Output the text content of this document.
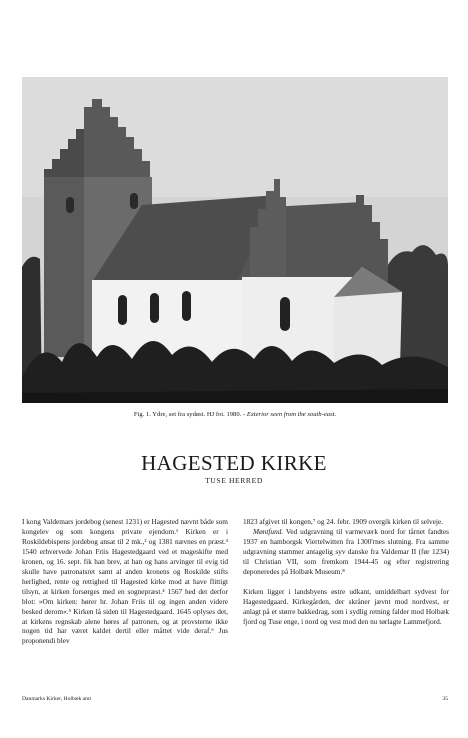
Fig. 1. Ydre, set fra sydøst. HJ fot. 1980. - Exterior seen from the south-east.
HAGESTED KIRKE
TUSE HERRED

I kong Valdemars jordebog (senest 1231) er Hagested nævnt både som kongelev og som kongens private ejendom.¹ Kirken er i Roskildebispens jordebog ansat til 2 mk.,² og 1381 nævnes en præst.³ 1540 erhvervede Johan Friis Hagestedgaard ved et mageskifte med kronen, og 16. sept. fik han brev, at han og hans arvinger til evig tid skulle have patronatsret samt al anden kronens og Roskilde stifts herlighed, rente og rettighed til Hagested kirke mod at have flittigt tilsyn, at kirken forsørges med en sognepræst.⁴ 1567 hed det derfor blot: »Om kirken: hører hr. Johan Friis til og ingen anden videre besked derom«.⁵ Kirken lå siden til Hagestedgaard. 1645 oplyses det, at kirkens regnskab alene høres af patronen, og at provsterne ikke nogen tid har været kaldet dertil eller måttet vide deraf.⁶ Jus proponendi blev

1823 afgivet til kongen,⁷ og 24. febr. 1909 overgik kirken til selveje.

Møntfund. Ved udgravning til varmeværk nord for tårnet fandtes 1937 en hamborgsk Viertelwitten fra 1300'rnes slutning. Fra samme udgravning stammer antagelig syv danske fra Valdemar II (før 1234) til Christian VII, som fremkom 1944-45 og efter registrering deponeredes på Holbæk Museum.⁸

Kirken ligger i landsbyens østre udkant, umiddelbart sydvest for Hagestedgaard. Kirkegården, der skråner jævnt mod nordvest, er anlagt på et større bakkedrag, som i sydlig retning falder mod Holbæk fjord og Tuse enge, i nord og vest mod den nu tørlagte Lammefjord.

Danmarks Kirker, Holbæk amt	35
